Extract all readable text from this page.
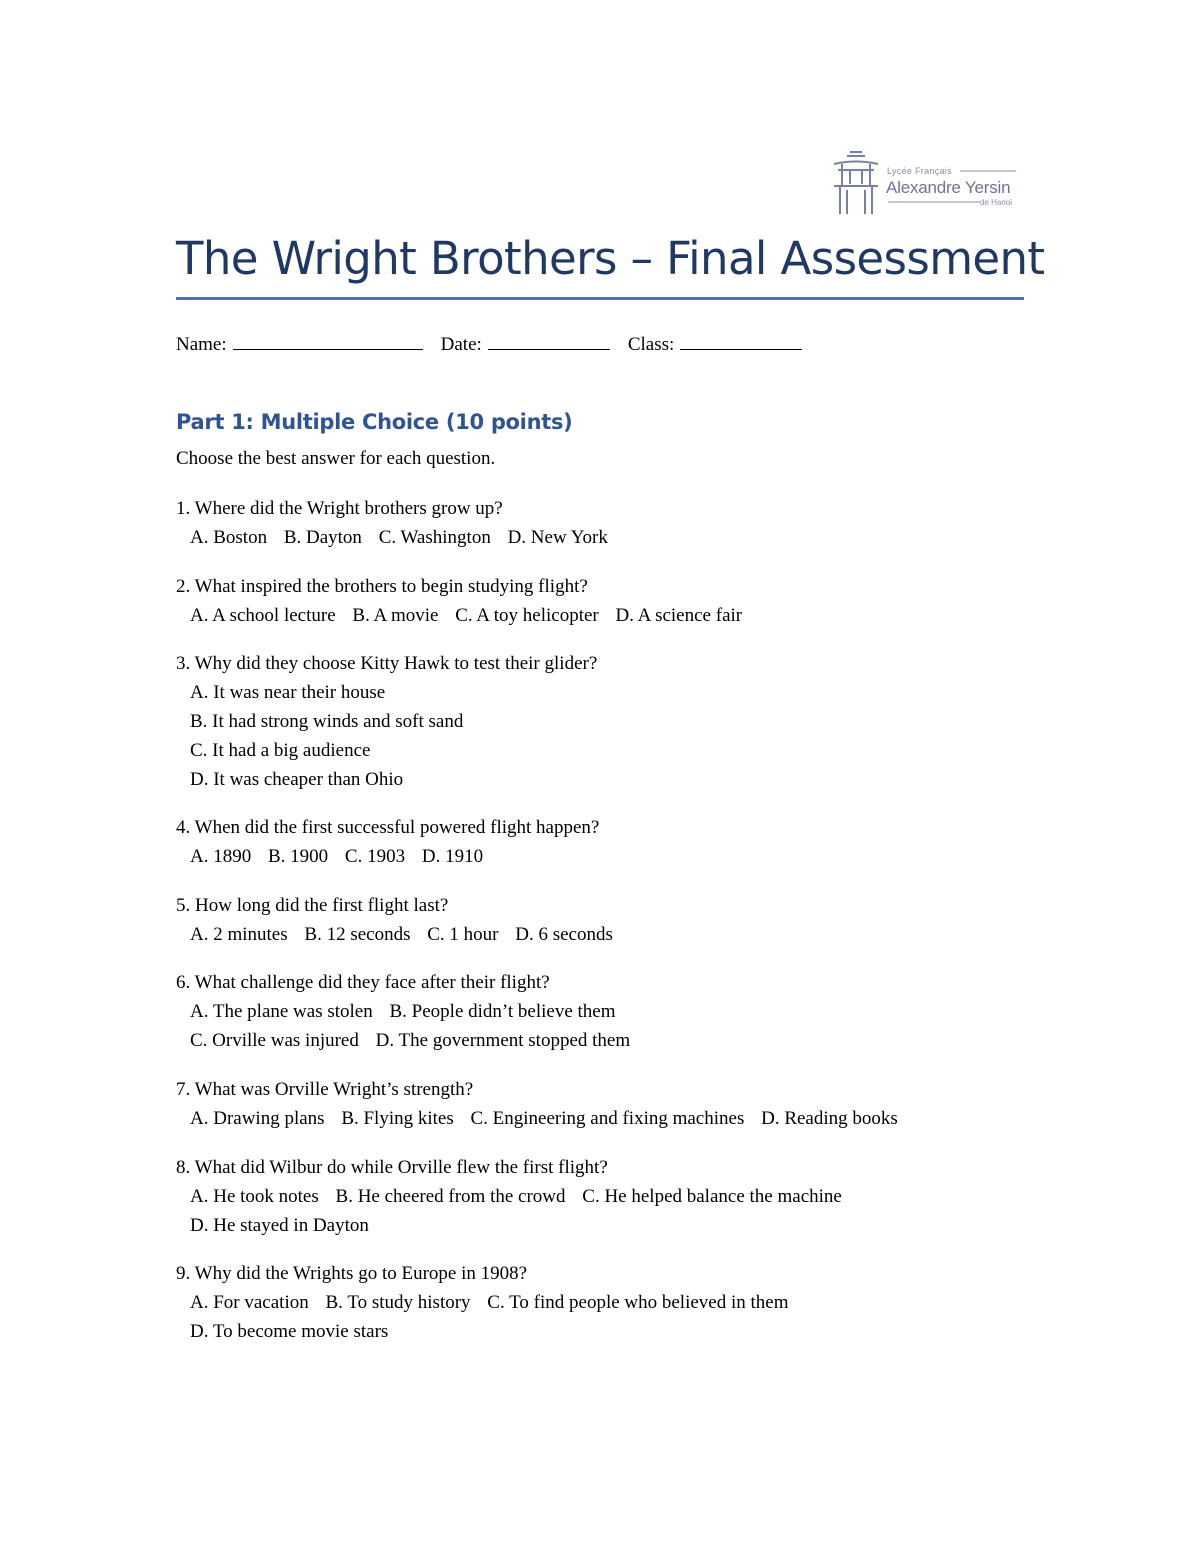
Lycée Français
Alexandre Yersin
de Hanoi
The Wright Brothers – Final Assessment
Name:	Date:	Class:
Part 1: Multiple Choice (10 points)
Choose the best answer for each question.
1. Where did the Wright brothers grow up?
A. Boston B. Dayton C. Washington D. New York
2. What inspired the brothers to begin studying flight?
A. A school lecture B. A movie C. A toy helicopter D. A science fair
3. Why did they choose Kitty Hawk to test their glider?
A. It was near their house
B. It had strong winds and soft sand
C. It had a big audience
D. It was cheaper than Ohio
4. When did the first successful powered flight happen?
A. 1890 B. 1900 C. 1903 D. 1910
5. How long did the first flight last?
A. 2 minutes B. 12 seconds C. 1 hour D. 6 seconds
6. What challenge did they face after their flight?
A. The plane was stolen B. People didn’t believe them
C. Orville was injured D. The government stopped them
7. What was Orville Wright’s strength?
A. Drawing plans B. Flying kites C. Engineering and fixing machines D. Reading books
8. What did Wilbur do while Orville flew the first flight?
A. He took notes B. He cheered from the crowd C. He helped balance the machine
D. He stayed in Dayton
9. Why did the Wrights go to Europe in 1908?
A. For vacation B. To study history C. To find people who believed in them
D. To become movie stars
